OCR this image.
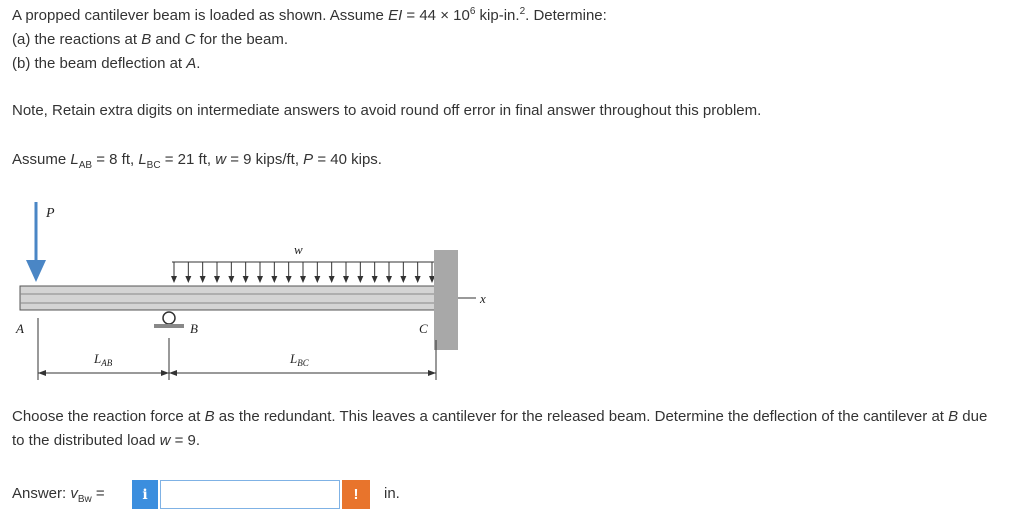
A propped cantilever beam is loaded as shown. Assume EI = $44 \times 10^6$ kip-in.$^2$. Determine:
(a) the reactions at B and C for the beam.
(b) the beam deflection at A.
Note, Retain extra digits on intermediate answers to avoid round off error in final answer throughout this problem.
Assume $L_{AB} = 8$ ft, $L_{BC} = 21$ ft, w = 9 kips/ft, P = 40 kips.
P
w
x
B
A	C
$L_{AB}$	$L_{BC}$
Choose the reaction force at B as the redundant. This leaves a cantilever for the released beam. Determine the deflection of the cantilever at B due to the distributed load w = 9.
Answer: $v_{Bw}$ =	i	!	in.
